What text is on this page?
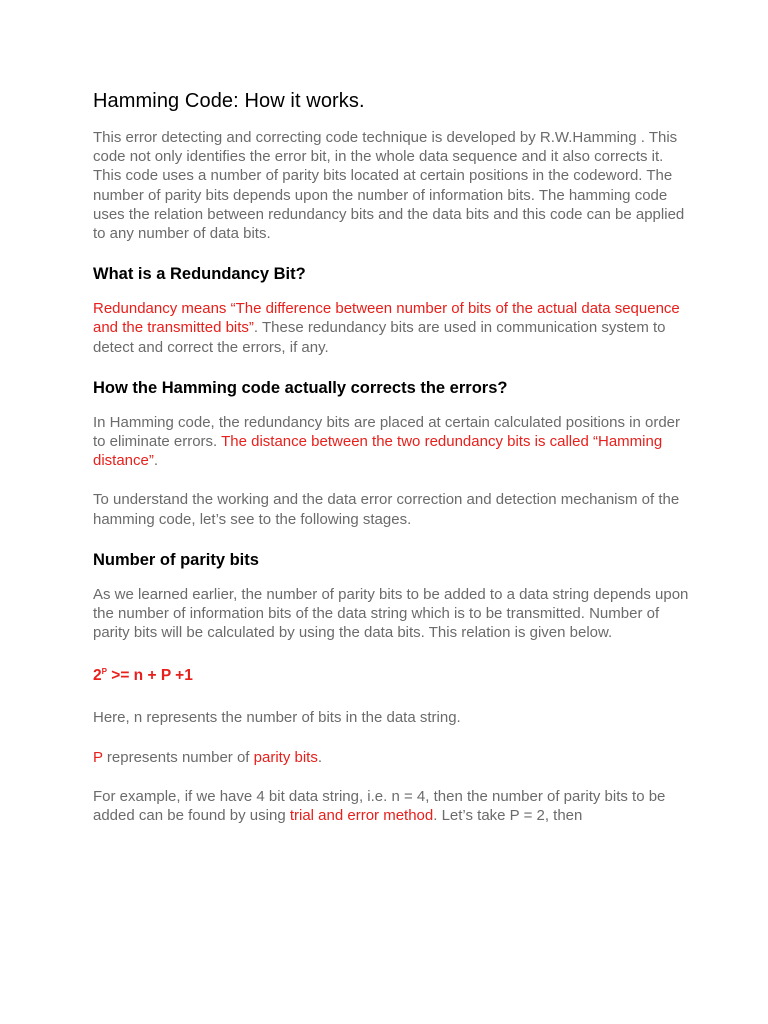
Hamming Code: How it works.

This error detecting and correcting code technique is developed by R.W.Hamming . This code not only identifies the error bit, in the whole data sequence and it also corrects it. This code uses a number of parity bits located at certain positions in the codeword. The number of parity bits depends upon the number of information bits. The hamming code uses the relation between redundancy bits and the data bits and this code can be applied to any number of data bits.

What is a Redundancy Bit?

Redundancy means “The difference between number of bits of the actual data sequence and the transmitted bits”. These redundancy bits are used in communication system to detect and correct the errors, if any.

How the Hamming code actually corrects the errors?

In Hamming code, the redundancy bits are placed at certain calculated positions in order to eliminate errors. The distance between the two redundancy bits is called “Hamming distance”.

To understand the working and the data error correction and detection mechanism of the hamming code, let’s see to the following stages.

Number of parity bits

As we learned earlier, the number of parity bits to be added to a data string depends upon the number of information bits of the data string which is to be transmitted. Number of parity bits will be calculated by using the data bits. This relation is given below.

$2^P >= n + P +1$

Here, n represents the number of bits in the data string.

P represents number of parity bits.

For example, if we have 4 bit data string, i.e. n = 4, then the number of parity bits to be added can be found by using trial and error method. Let’s take P = 2, then
